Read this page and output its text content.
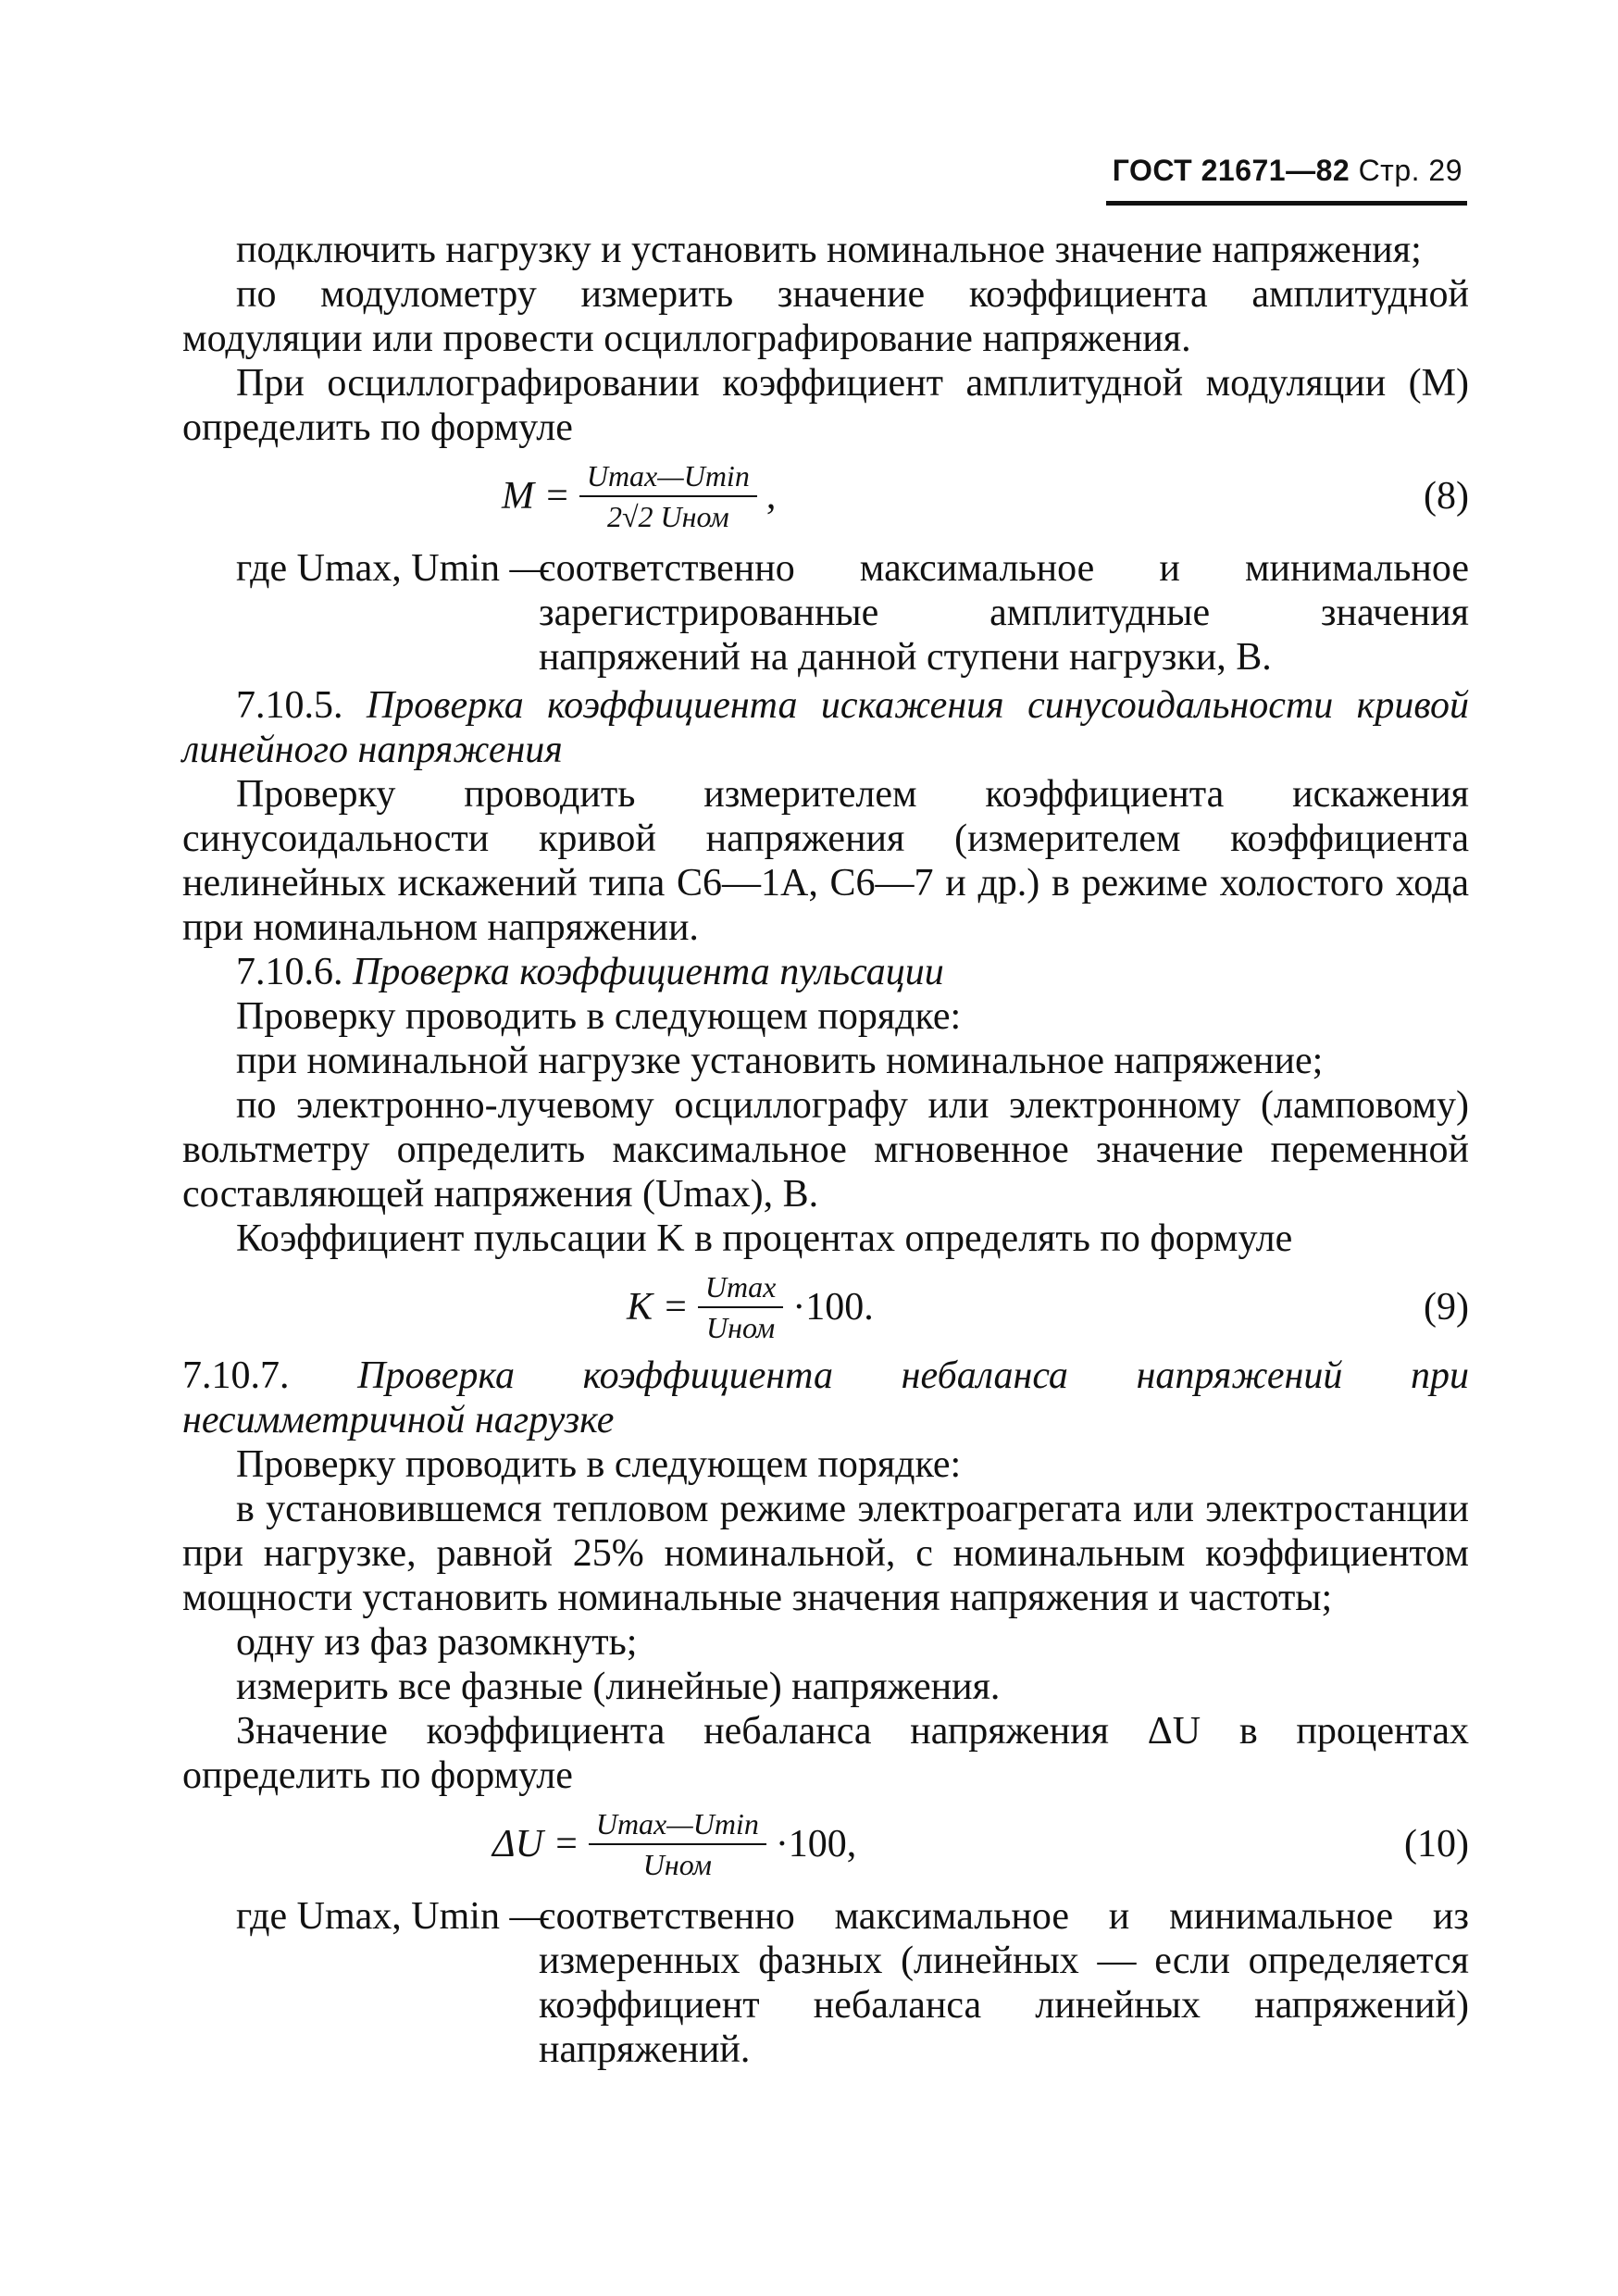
ГОСТ 21671—82 Стр. 29

подключить нагрузку и установить номинальное значение напряжения;

по модулометру измерить значение коэффициента амплитудной модуляции или провести осциллографирование напряжения.

При осциллографировании коэффициент амплитудной модуляции (M) определить по формуле

$M = \frac{Umax—Umin}{\text{2√2 Uном}}$ ,	(8)
где Umax, Umin —
соответственно максимальное и минимальное зарегистрированные амплитудные значения напряжений на данной ступени нагрузки, В.

7.10.5. Проверка коэффициента искажения синусоидальности кривой линейного напряжения

Проверку проводить измерителем коэффициента искажения синусоидальности кривой напряжения (измерителем коэффициента нелинейных искажений типа С6—1А, С6—7 и др.) в режиме холостого хода при номинальном напряжении.

7.10.6. Проверка коэффициента пульсации

Проверку проводить в следующем порядке:

при номинальной нагрузке установить номинальное напряжение;

по электронно-лучевому осциллографу или электронному (ламповому) вольтметру определить максимальное мгновенное значение переменной составляющей напряжения (Umax), В.

Коэффициент пульсации K в процентах определять по формуле

$K = \frac{Umax}{\text{Uном}} \cdot 100$.	(9)

7.10.7. Проверка коэффициента небаланса напряжений при несимметричной нагрузке

Проверку проводить в следующем порядке:

в установившемся тепловом режиме электроагрегата или электростанции при нагрузке, равной 25% номинальной, с номинальным коэффициентом мощности установить номинальные значения напряжения и частоты;

одну из фаз разомкнуть;

измерить все фазные (линейные) напряжения.

Значение коэффициента небаланса напряжения ΔU в процентах определить по формуле

$\Delta U = \frac{Umax—Umin}{\text{Uном}} \cdot 100$,	(10)
где Umax, Umin —
соответственно максимальное и минимальное из измеренных фазных (линейных — если определяется коэффициент небаланса линейных напряжений) напряжений.
